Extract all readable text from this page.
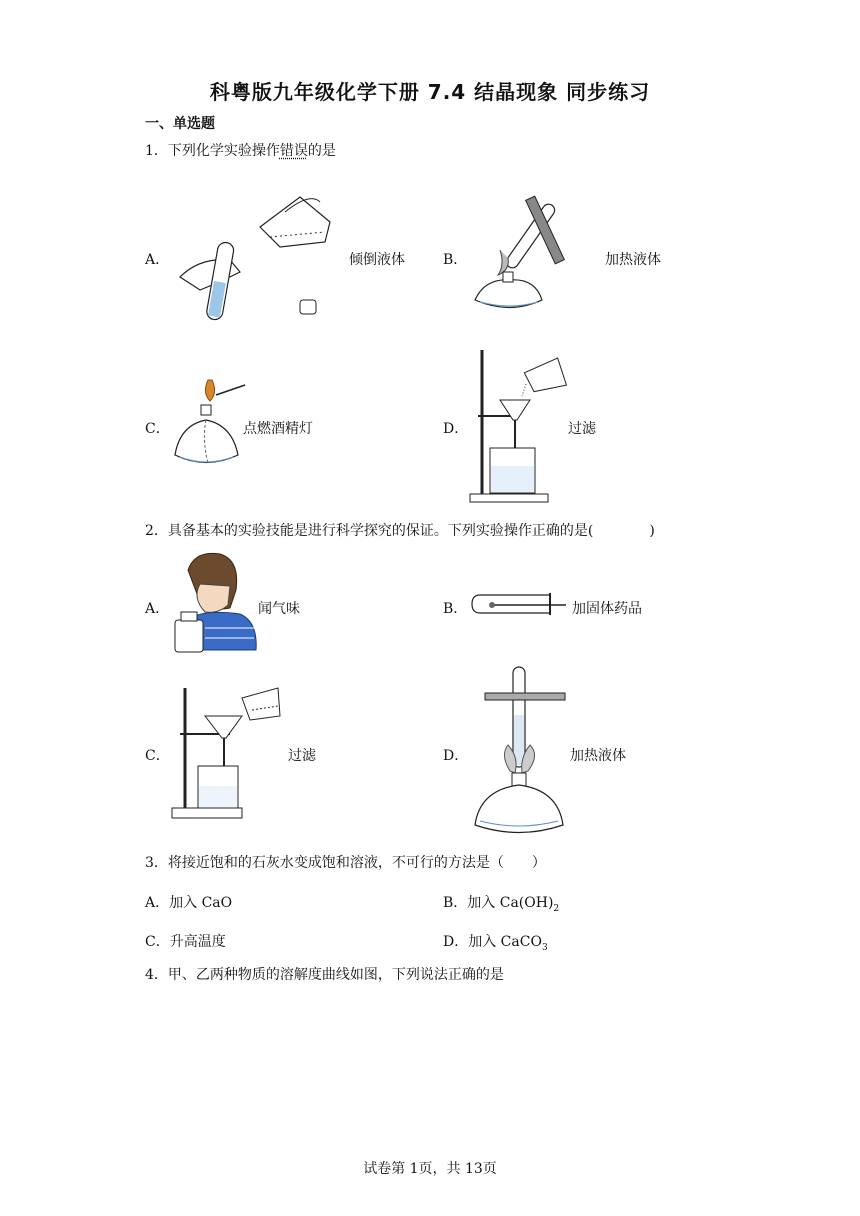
科粤版九年级化学下册 7.4 结晶现象 同步练习
一、单选题
1．下列化学实验操作错误的是
A．	倾倒液体	B．	加热液体
C．	点燃酒精灯	D．	过滤
2．具备基本的实验技能是进行科学探究的保证。下列实验操作正确的是(　　　　)
A．	闻气味	B．	加固体药品
C．	过滤	D．	加热液体
3．将接近饱和的石灰水变成饱和溶液，不可行的方法是（　　）
A．加入 CaO	B．加入 $Ca(OH)_2$
C．升高温度	D．加入 CaCO$_3$
4．甲、乙两种物质的溶解度曲线如图，下列说法正确的是
试卷第 1页，共 13页
